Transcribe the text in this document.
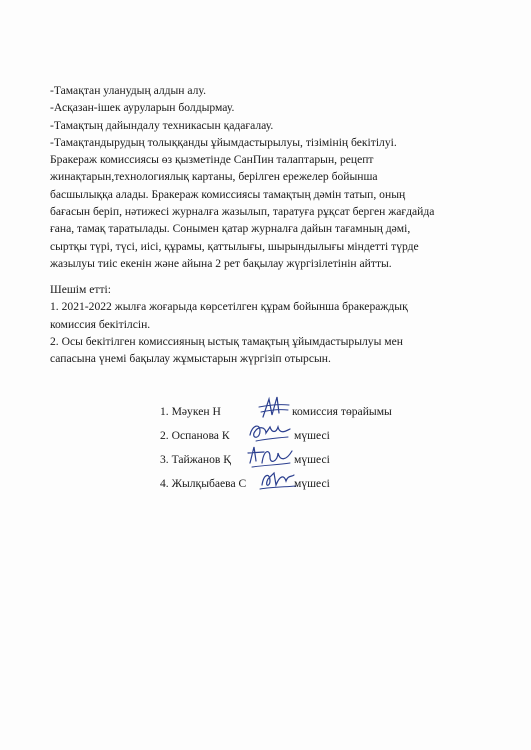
-Тамақтан уланудың алдын алу.
-Асқазан-ішек ауруларын болдырмау.
-Тамақтың дайындалу техникасын қадағалау.
-Тамақтандырудың толыққанды ұйымдастырылуы, тізімінің бекітілуі.
Бракераж комиссиясы өз қызметінде СанПин талаптарын, рецепт
жинақтарын,технологиялық картаны, берілген ережелер бойынша
басшылыққа алады. Бракераж комиссиясы тамақтың дәмін татып, оның
бағасын беріп, нәтижесі журналға жазылып, таратуға рұқсат берген жағдайда
ғана, тамақ таратылады. Сонымен қатар журналға дайын тағамның дәмі,
сыртқы түрі, түсі, иісі, құрамы, қаттылығы, шырындылығы міндетті түрде
жазылуы тиіс екенін және айына 2 рет бақылау жүргізілетінін айтты.
Шешім етті:
1. 2021-2022 жылға жоғарыда көрсетілген құрам бойынша бракераждық
комиссия бекітілсін.
2. Осы бекітілген комиссияның ыстық тамақтың ұйымдастырылуы мен
сапасына үнемі бақылау жұмыстарын жүргізіп отырсын.
1. Мәукен Н	комиссия төрайымы
2. Оспанова К	мүшесі
3. Тайжанов Қ	мүшесі
4. Жылқыбаева С	мүшесі
